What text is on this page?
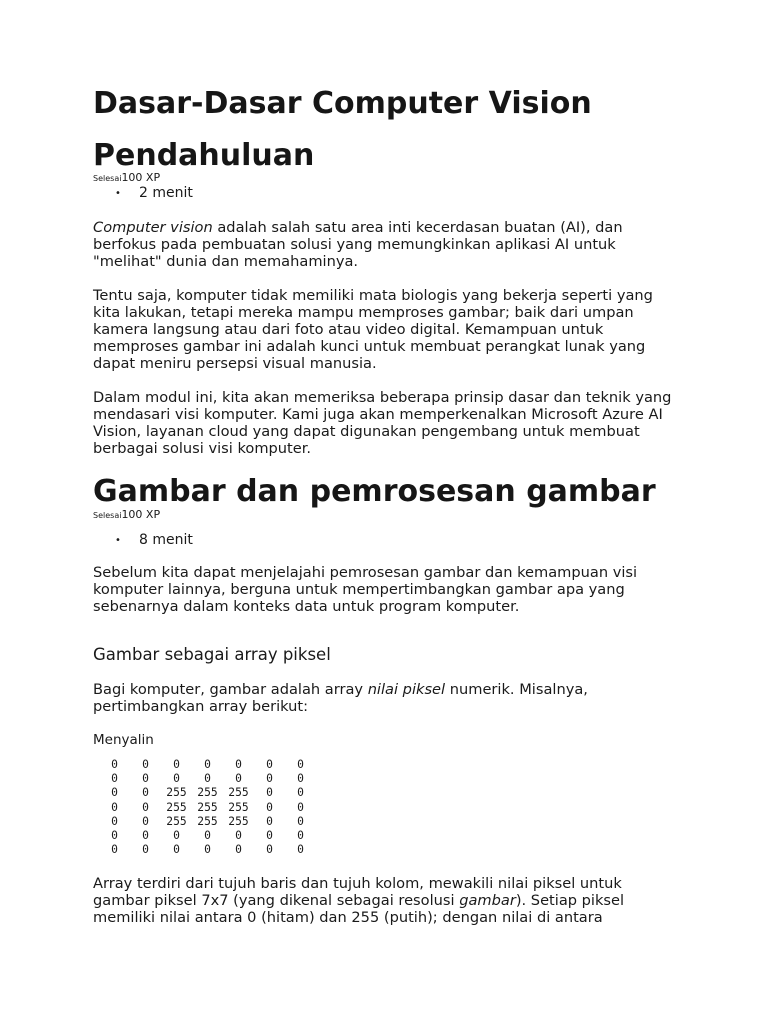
Dasar-Dasar Computer Vision
Pendahuluan
Selesai100 XP
• 2 menit

Computer vision adalah salah satu area inti kecerdasan buatan (AI), dan berfokus pada pembuatan solusi yang memungkinkan aplikasi AI untuk "melihat" dunia dan memahaminya.

Tentu saja, komputer tidak memiliki mata biologis yang bekerja seperti yang kita lakukan, tetapi mereka mampu memproses gambar; baik dari umpan kamera langsung atau dari foto atau video digital. Kemampuan untuk memproses gambar ini adalah kunci untuk membuat perangkat lunak yang dapat meniru persepsi visual manusia.

Dalam modul ini, kita akan memeriksa beberapa prinsip dasar dan teknik yang mendasari visi komputer. Kami juga akan memperkenalkan Microsoft Azure AI Vision, layanan cloud yang dapat digunakan pengembang untuk membuat berbagai solusi visi komputer.

Gambar dan pemrosesan gambar
Selesai100 XP
• 8 menit

Sebelum kita dapat menjelajahi pemrosesan gambar dan kemampuan visi komputer lainnya, berguna untuk mempertimbangkan gambar apa yang sebenarnya dalam konteks data untuk program komputer.

Gambar sebagai array piksel

Bagi komputer, gambar adalah array nilai piksel numerik. Misalnya, pertimbangkan array berikut:

Menyalin
0	0	0	0	0	0	0
0	0	0	0	0	0	0
0	0	255 255 255	0	0
0	0	255 255 255	0	0
0	0	255 255 255	0	0
0	0	0	0	0	0	0
0	0	0	0	0	0	0

Array terdiri dari tujuh baris dan tujuh kolom, mewakili nilai piksel untuk gambar piksel 7x7 (yang dikenal sebagai resolusi gambar). Setiap piksel memiliki nilai antara 0 (hitam) dan 255 (putih); dengan nilai di antara
